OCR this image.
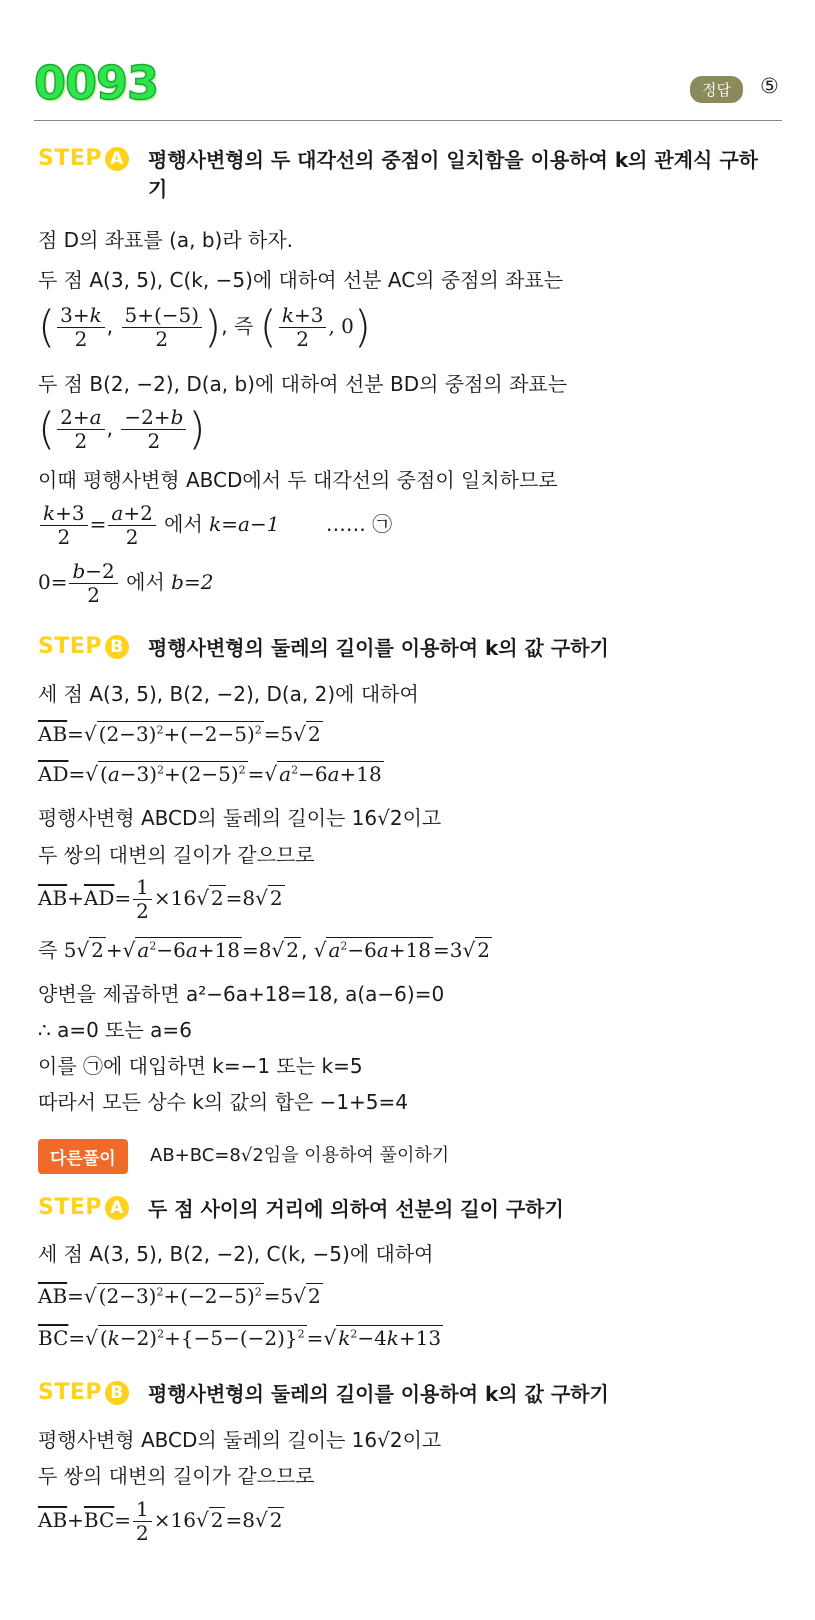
0093	정답	⑤
STEP A 평행사변형의 두 대각선의 중점이 일치함을 이용하여 k의 관계식 구하기
점 D의 좌표를 (a, b)라 하자.
두 점 A(3, 5), C(k, −5)에 대하여 선분 AC의 중점의 좌표는
( $\frac{3+k}{2}$ , $\frac{5+(-5)}{2}$ ), 즉 ( $\frac{k+3}{2}$ , 0)
두 점 B(2, −2), D(a, b)에 대하여 선분 BD의 중점의 좌표는
( $\frac{2+a}{2}$ , $\frac{-2+b}{2}$ )
이때 평행사변형 ABCD에서 두 대각선의 중점이 일치하므로
$\frac{k+3}{2} = \frac{a+2}{2}$ 에서 k=a−1 …… ㉠
$0= \frac{b-2}{2}$ 에서 b=2
STEP B 평행사변형의 둘레의 길이를 이용하여 k의 값 구하기
세 점 A(3, 5), B(2, −2), D(a, 2)에 대하여
$\overline{AB}=√$ $(2-3)^2+(-2-5)^2 =5√$ 2
$\overline{AD}=√$ $(a-3)^2+(2-5)^2$ =√ $a^2-6a+18$
평행사변형 ABCD의 둘레의 길이는 16√2이고
두 쌍의 대변의 길이가 같으므로
$\overline{AB}+\overline{AD}= \frac{1}{2} \times 16√$ 2 =8√ 2
즉 5√ 2 +√ $a^2-6a+18 =8√$ 2 , √ $a^2-6a+18 =3√$ 2
양변을 제곱하면 a²−6a+18=18, a(a−6)=0
∴ a=0 또는 a=6
이를 ㉠에 대입하면 k=−1 또는 k=5
따라서 모든 상수 k의 값의 합은 −1+5=4
다른풀이	AB+BC=8√2임을 이용하여 풀이하기
STEP A 두 점 사이의 거리에 의하여 선분의 길이 구하기
세 점 A(3, 5), B(2, −2), C(k, −5)에 대하여
$\overline{AB}=√$ $(2-3)^2+(-2-5)^2 =5√$ 2
$\overline{BC}=√$ $(k-2)^2+\{-5-(-2)\}^2$ =√ $k^2-4k+13$
STEP B 평행사변형의 둘레의 길이를 이용하여 k의 값 구하기
평행사변형 ABCD의 둘레의 길이는 16√2이고
두 쌍의 대변의 길이가 같으므로
$\overline{AB}+\overline{BC}= \frac{1}{2} \times 16√$ 2 =8√ 2
